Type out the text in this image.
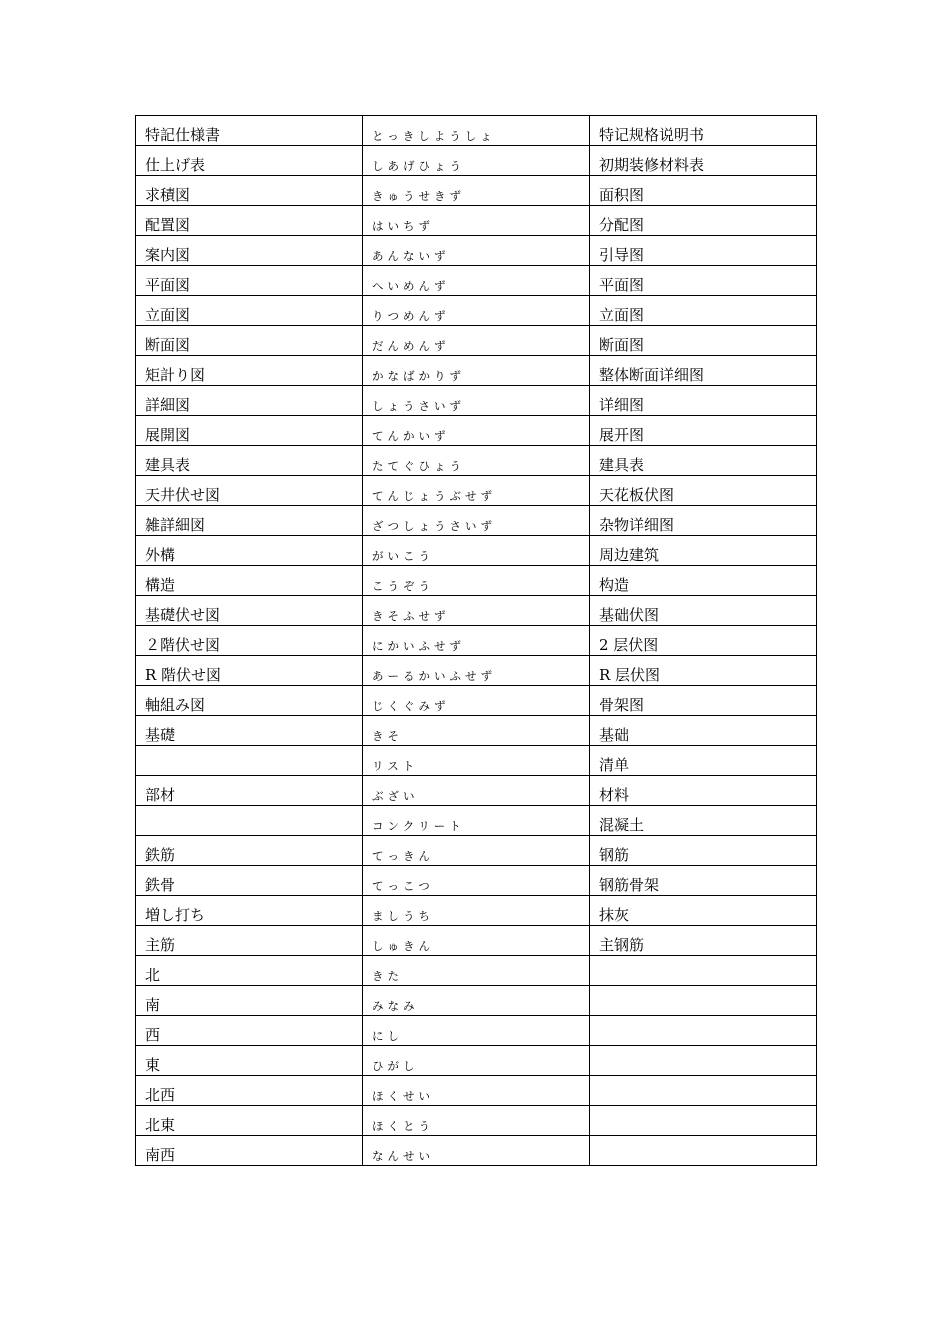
特記仕様書	とっきしようしょ	特记规格说明书
仕上げ表	しあげひょう	初期装修材料表
求積図	きゅうせきず	面积图
配置図	はいちず	分配图
案内図	あんないず	引导图
平面図	へいめんず	平面图
立面図	りつめんず	立面图
断面図	だんめんず	断面图
矩計り図	かなばかりず	整体断面详细图
詳細図	しょうさいず	详细图
展開図	てんかいず	展开图
建具表	たてぐひょう	建具表
天井伏せ図	てんじょうぶせず	天花板伏图
雑詳細図	ざつしょうさいず	杂物详细图
外構	がいこう	周边建筑
構造	こうぞう	构造
基礎伏せ図	きそふせず	基础伏图
２階伏せ図	にかいふせず	2 层伏图
R 階伏せ図	あーるかいふせず	R 层伏图
軸組み図	じくぐみず	骨架图
基礎	きそ	基础
	リスト	清单
部材	ぶざい	材料
	コンクリート	混凝土
鉄筋	てっきん	钢筋
鉄骨	てっこつ	钢筋骨架
増し打ち	ましうち	抹灰
主筋	しゅきん	主钢筋
北	きた	
南	みなみ	
西	にし	
東	ひがし	
北西	ほくせい	
北東	ほくとう	
南西	なんせい	
